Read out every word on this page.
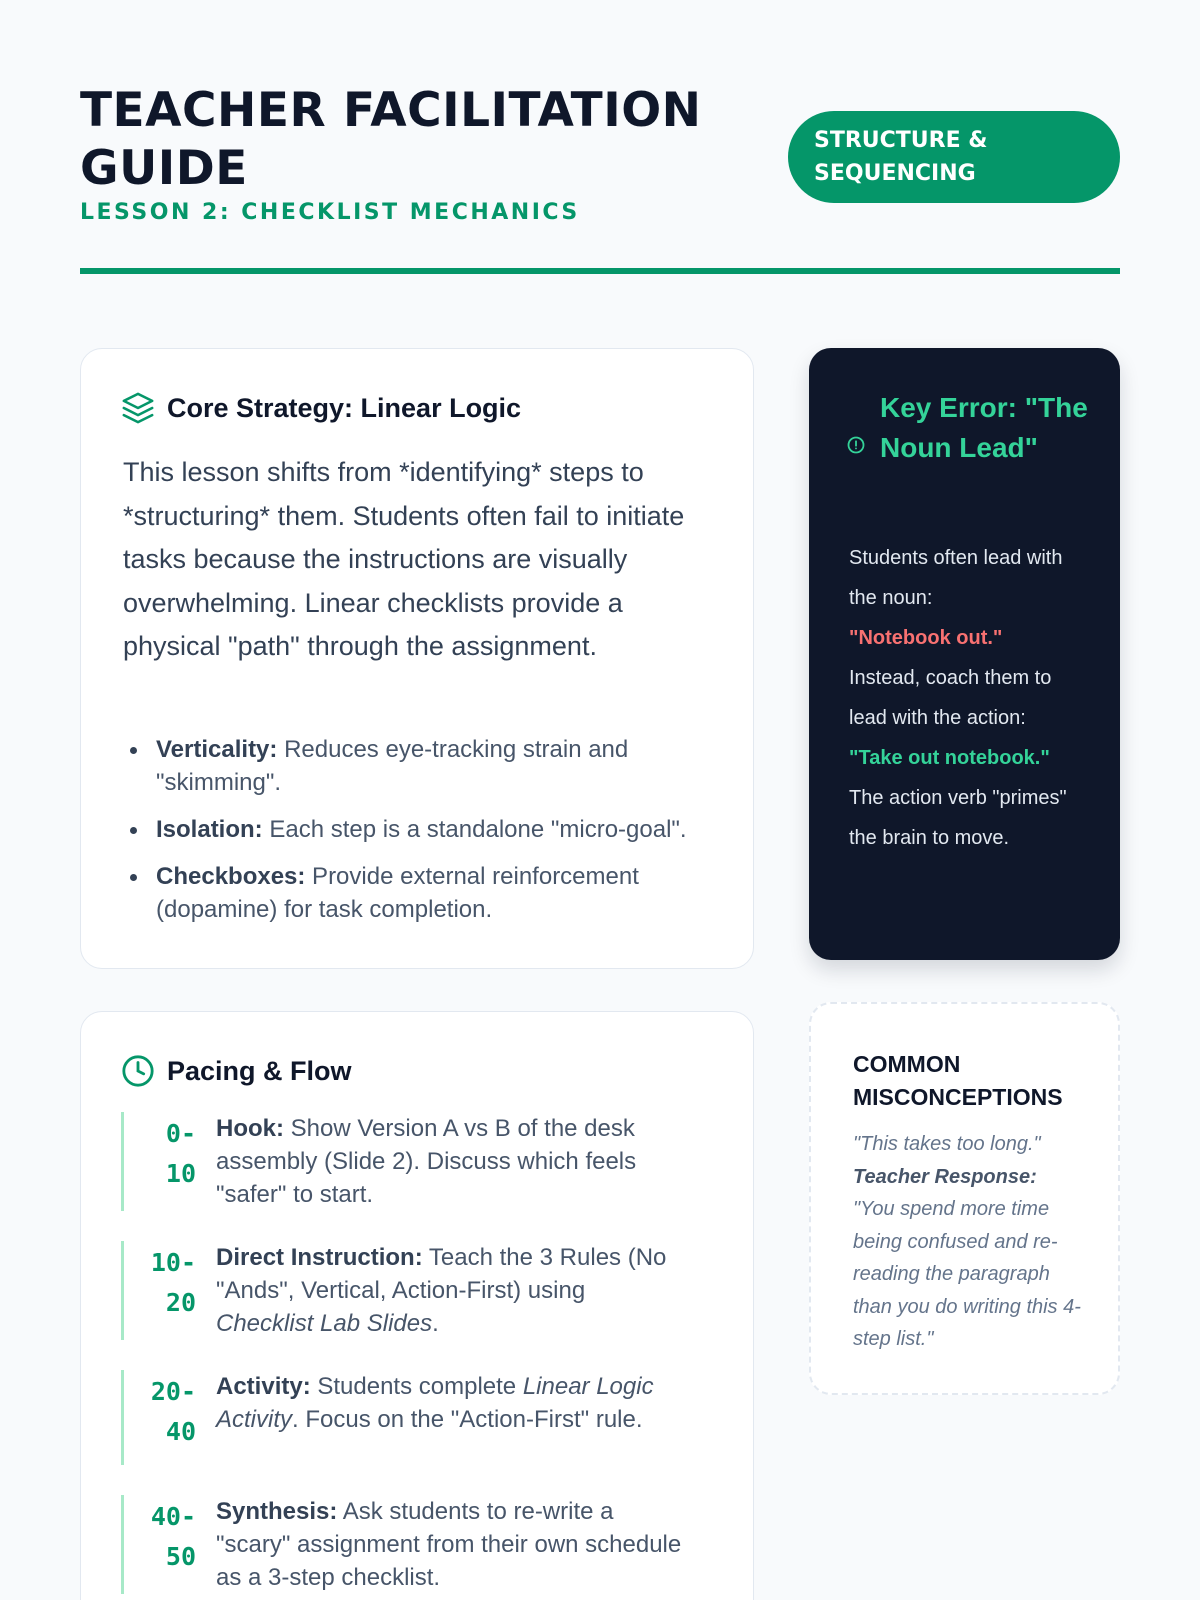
TEACHER FACILITATION GUIDE
LESSON 2: CHECKLIST MECHANICS
STRUCTURE & SEQUENCING
Core Strategy: Linear Logic

This lesson shifts from *identifying* steps to *structuring* them. Students often fail to initiate tasks because the instructions are visually overwhelming. Linear checklists provide a physical "path" through the assignment.

Verticality: Reduces eye-tracking strain and "skimming".
Isolation: Each step is a standalone "micro-goal".
Checkboxes: Provide external reinforcement (dopamine) for task completion.
Pacing & Flow
0-
10
Hook: Show Version A vs B of the desk assembly (Slide 2). Discuss which feels "safer" to start.
10-
20
Direct Instruction: Teach the 3 Rules (No "Ands", Vertical, Action-First) using Checklist Lab Slides.
20-
40
Activity: Students complete Linear Logic Activity. Focus on the "Action-First" rule.
40-
50
Synthesis: Ask students to re-write a "scary" assignment from their own schedule as a 3-step checklist.
Key Error: "The Noun Lead"
Students often lead with the noun:
"Notebook out."
Instead, coach them to lead with the action:
"Take out notebook."
The action verb "primes" the brain to move.
COMMON MISCONCEPTIONS
"This takes too long."
Teacher Response:
"You spend more time being confused and re-reading the paragraph than you do writing this 4-step list."
